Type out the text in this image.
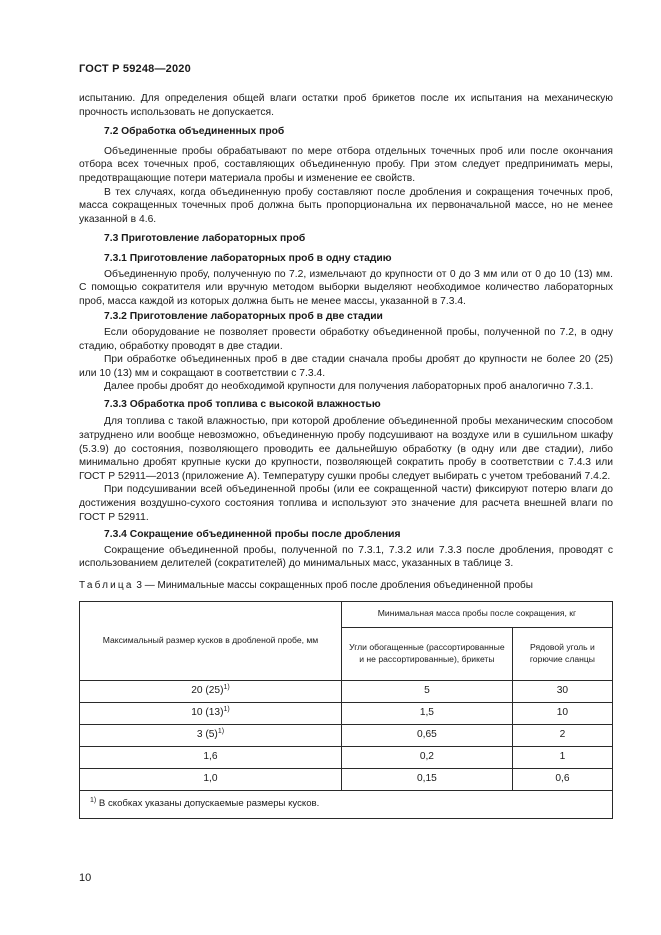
ГОСТ Р 59248—2020

испытанию. Для определения общей влаги остатки проб брикетов после их испытания на механическую прочность использовать не допускается.

7.2 Обработка объединенных проб

Объединенные пробы обрабатывают по мере отбора отдельных точечных проб или после окончания отбора всех точечных проб, составляющих объединенную пробу. При этом следует предпринимать меры, предотвращающие потери материала пробы и изменение ее свойств.

В тех случаях, когда объединенную пробу составляют после дробления и сокращения точечных проб, масса сокращенных точечных проб должна быть пропорциональна их первоначальной массе, но не менее указанной в 4.6.

7.3 Приготовление лабораторных проб

7.3.1 Приготовление лабораторных проб в одну стадию

Объединенную пробу, полученную по 7.2, измельчают до крупности от 0 до 3 мм или от 0 до 10 (13) мм. С помощью сократителя или вручную методом выборки выделяют необходимое количество лабораторных проб, масса каждой из которых должна быть не менее массы, указанной в 7.3.4.

7.3.2 Приготовление лабораторных проб в две стадии

Если оборудование не позволяет провести обработку объединенной пробы, полученной по 7.2, в одну стадию, обработку проводят в две стадии.

При обработке объединенных проб в две стадии сначала пробы дробят до крупности не более 20 (25) или 10 (13) мм и сокращают в соответствии с 7.3.4.

Далее пробы дробят до необходимой крупности для получения лабораторных проб аналогично 7.3.1.

7.3.3 Обработка проб топлива с высокой влажностью

Для топлива с такой влажностью, при которой дробление объединенной пробы механическим способом затруднено или вообще невозможно, объединенную пробу подсушивают на воздухе или в сушильном шкафу (5.3.9) до состояния, позволяющего проводить ее дальнейшую обработку (в одну или две стадии), либо минимально дробят крупные куски до крупности, позволяющей сократить пробу в соответствии с 7.4.3 или ГОСТ Р 52911—2013 (приложение А). Температуру сушки пробы следует выбирать с учетом требований 7.4.2.

При подсушивании всей объединенной пробы (или ее сокращенной части) фиксируют потерю влаги до достижения воздушно-сухого состояния топлива и используют это значение для расчета внешней влаги по ГОСТ Р 52911.

7.3.4 Сокращение объединенной пробы после дробления

Сокращение объединенной пробы, полученной по 7.3.1, 7.3.2 или 7.3.3 после дробления, проводят с использованием делителей (сократителей) до минимальных масс, указанных в таблице 3.

Таблица 3 — Минимальные массы сокращенных проб после дробления объединенной пробы

Максимальный размер кусков в дробленой пробе, мм	Минимальная масса пробы после сокращения, кг	
	Угли обогащенные (рассортированные и не рассортированные), брикеты	Рядовой уголь и горючие сланцы
20 $(25)^{1)}$	5	30
10 $(13)^{1)}$	1,5	10
3 $(5)^{1)}$	0,65	2
1,6	0,2	1
1,0	0,15	0,6
$^{1)}$ В скобках указаны допускаемые размеры кусков.		
10
